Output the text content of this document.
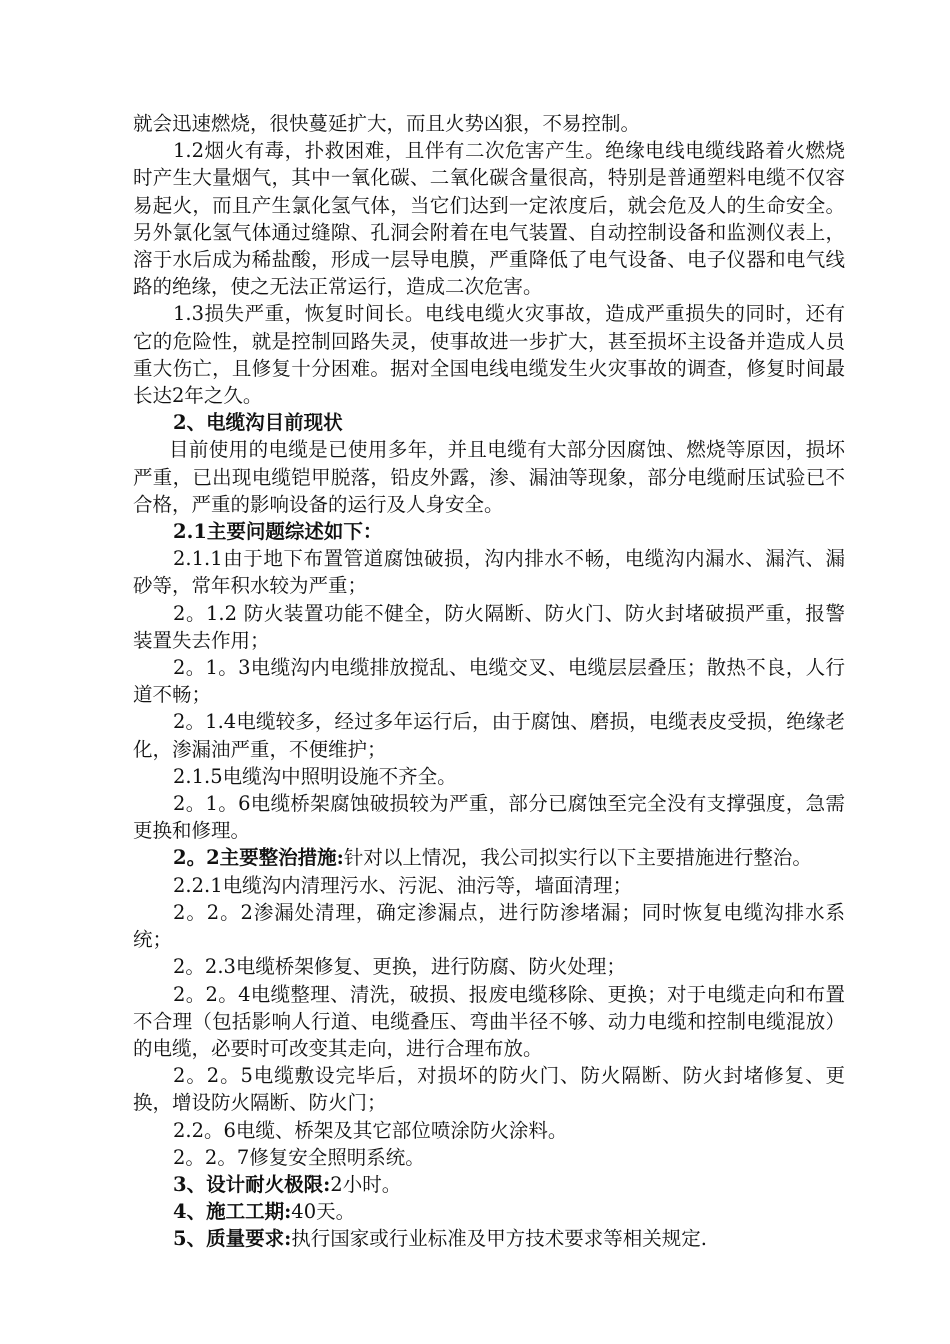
就会迅速燃烧，很快蔓延扩大，而且火势凶狠，不易控制。

1.2烟火有毒，扑救困难，且伴有二次危害产生。绝缘电线电缆线路着火燃烧时产生大量烟气，其中一氧化碳、二氧化碳含量很高，特别是普通塑料电缆不仅容易起火，而且产生氯化氢气体，当它们达到一定浓度后，就会危及人的生命安全。另外氯化氢气体通过缝隙、孔洞会附着在电气装置、自动控制设备和监测仪表上，溶于水后成为稀盐酸，形成一层导电膜，严重降低了电气设备、电子仪器和电气线路的绝缘，使之无法正常运行，造成二次危害。

1.3损失严重，恢复时间长。电线电缆火灾事故，造成严重损失的同时，还有它的危险性，就是控制回路失灵，使事故进一步扩大，甚至损坏主设备并造成人员重大伤亡，且修复十分困难。据对全国电线电缆发生火灾事故的调查，修复时间最长达2年之久。

2、电缆沟目前现状

目前使用的电缆是已使用多年，并且电缆有大部分因腐蚀、燃烧等原因，损坏严重，已出现电缆铠甲脱落，铅皮外露，渗、漏油等现象，部分电缆耐压试验已不合格，严重的影响设备的运行及人身安全。

2.1主要问题综述如下：

2.1.1由于地下布置管道腐蚀破损，沟内排水不畅，电缆沟内漏水、漏汽、漏砂等，常年积水较为严重；

2。1.2 防火装置功能不健全，防火隔断、防火门、防火封堵破损严重，报警装置失去作用；

2。1。3电缆沟内电缆排放搅乱、电缆交叉、电缆层层叠压；散热不良，人行道不畅；

2。1.4电缆较多，经过多年运行后，由于腐蚀、磨损，电缆表皮受损，绝缘老化，渗漏油严重，不便维护；

2.1.5电缆沟中照明设施不齐全。

2。1。6电缆桥架腐蚀破损较为严重，部分已腐蚀至完全没有支撑强度，急需更换和修理。

2。2主要整治措施:针对以上情况，我公司拟实行以下主要措施进行整治。

2.2.1电缆沟内清理污水、污泥、油污等，墙面清理；

2。2。2渗漏处清理，确定渗漏点，进行防渗堵漏；同时恢复电缆沟排水系统；

2。2.3电缆桥架修复、更换，进行防腐、防火处理；

2。2。4电缆整理、清洗，破损、报废电缆移除、更换；对于电缆走向和布置不合理（包括影响人行道、电缆叠压、弯曲半径不够、动力电缆和控制电缆混放）的电缆，必要时可改变其走向，进行合理布放。

2。2。5电缆敷设完毕后，对损坏的防火门、防火隔断、防火封堵修复、更换，增设防火隔断、防火门；

2.2。6电缆、桥架及其它部位喷涂防火涂料。

2。2。7修复安全照明系统。

3、设计耐火极限:2小时。

4、施工工期:40天。

5、质量要求:执行国家或行业标准及甲方技术要求等相关规定.
